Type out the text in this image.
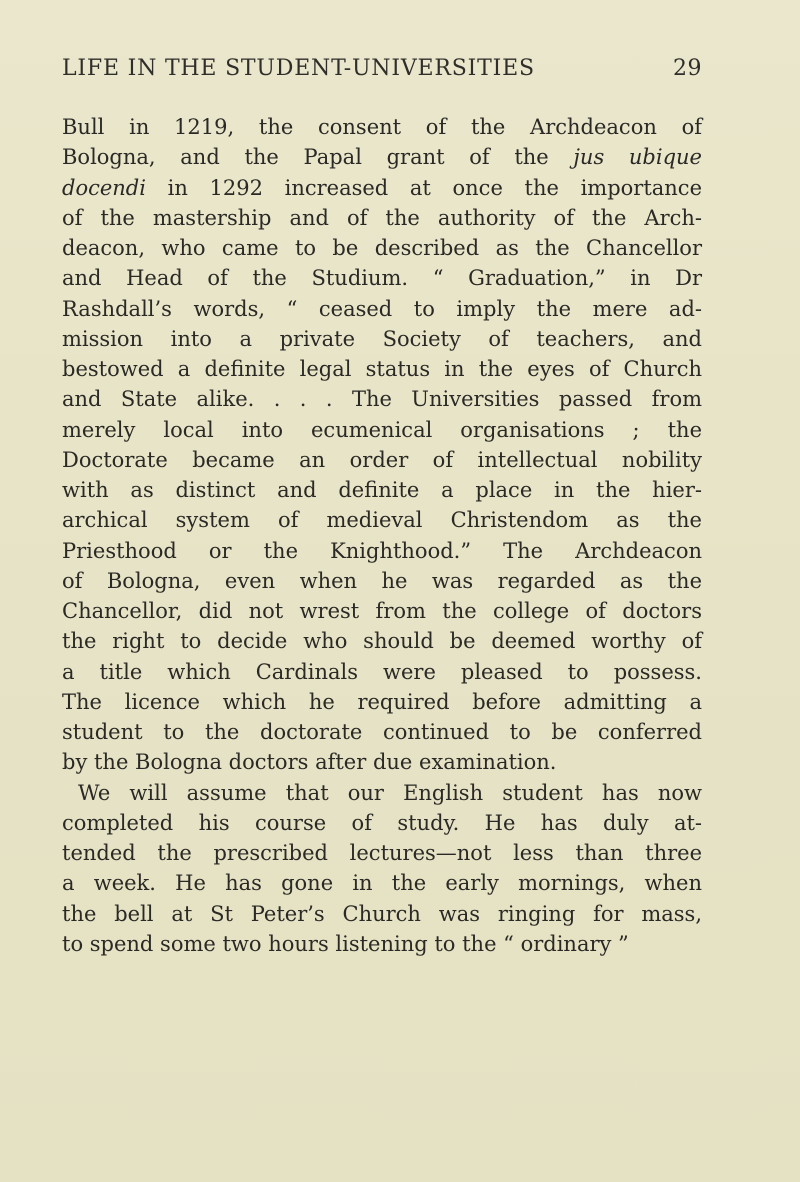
LIFE IN THE STUDENT-UNIVERSITIES	29
Bull in 1219, the consent of the Archdeacon of
Bologna, and the Papal grant of the jus ubique
docendi in 1292 increased at once the importance
of the mastership and of the authority of the Arch-
deacon, who came to be described as the Chancellor
and Head of the Studium. “ Graduation,” in Dr
Rashdall’s words, “ ceased to imply the mere ad-
mission into a private Society of teachers, and
bestowed a definite legal status in the eyes of Church
and State alike. . . . The Universities passed from
merely local into ecumenical organisations ; the
Doctorate became an order of intellectual nobility
with as distinct and definite a place in the hier-
archical system of medieval Christendom as the
Priesthood or the Knighthood.” The Archdeacon
of Bologna, even when he was regarded as the
Chancellor, did not wrest from the college of doctors
the right to decide who should be deemed worthy of
a title which Cardinals were pleased to possess.
The licence which he required before admitting a
student to the doctorate continued to be conferred
by the Bologna doctors after due examination.
We will assume that our English student has now
completed his course of study. He has duly at-
tended the prescribed lectures—not less than three
a week. He has gone in the early mornings, when
the bell at St Peter’s Church was ringing for mass,
to spend some two hours listening to the “ ordinary ”
